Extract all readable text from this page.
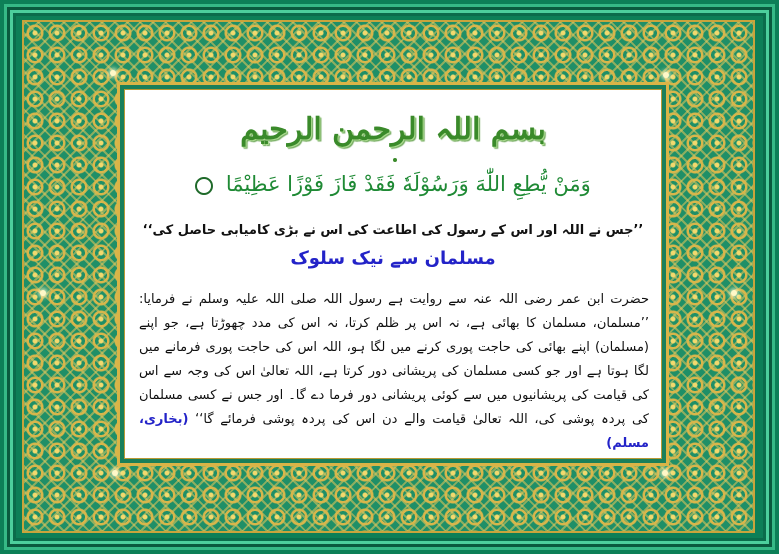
بسم اللہ الرحمن الرحیم
وَمَنْ يُّطِعِ اللّٰهَ وَرَسُوْلَهٗ فَقَدْ فَازَ فَوْزًا عَظِيْمًا
’’جس نے اللہ اور اس کے رسول کی اطاعت کی اس نے بڑی کامیابی حاصل کی‘‘
مسلمان سے نیک سلوک
حضرت ابن عمر رضی اللہ عنہ سے روایت ہے رسول اللہ صلی اللہ علیہ وسلم نے فرمایا: ’’مسلمان، مسلمان کا بھائی ہے، نہ اس پر ظلم کرتا، نہ اس کی مدد چھوڑتا ہے، جو اپنے (مسلمان) اپنے بھائی کی حاجت پوری کرنے میں لگا ہو، اللہ اس کی حاجت پوری فرمانے میں لگا ہوتا ہے اور جو کسی مسلمان کی پریشانی دور کرتا ہے، اللہ تعالیٰ اس کی وجہ سے اس کی قیامت کی پریشانیوں میں سے کوئی پریشانی دور فرما دے گا۔ اور جس نے کسی مسلمان کی پردہ پوشی کی، اللہ تعالیٰ قیامت والے دن اس کی پردہ پوشی فرمائے گا‘‘ (بخاری، مسلم)
